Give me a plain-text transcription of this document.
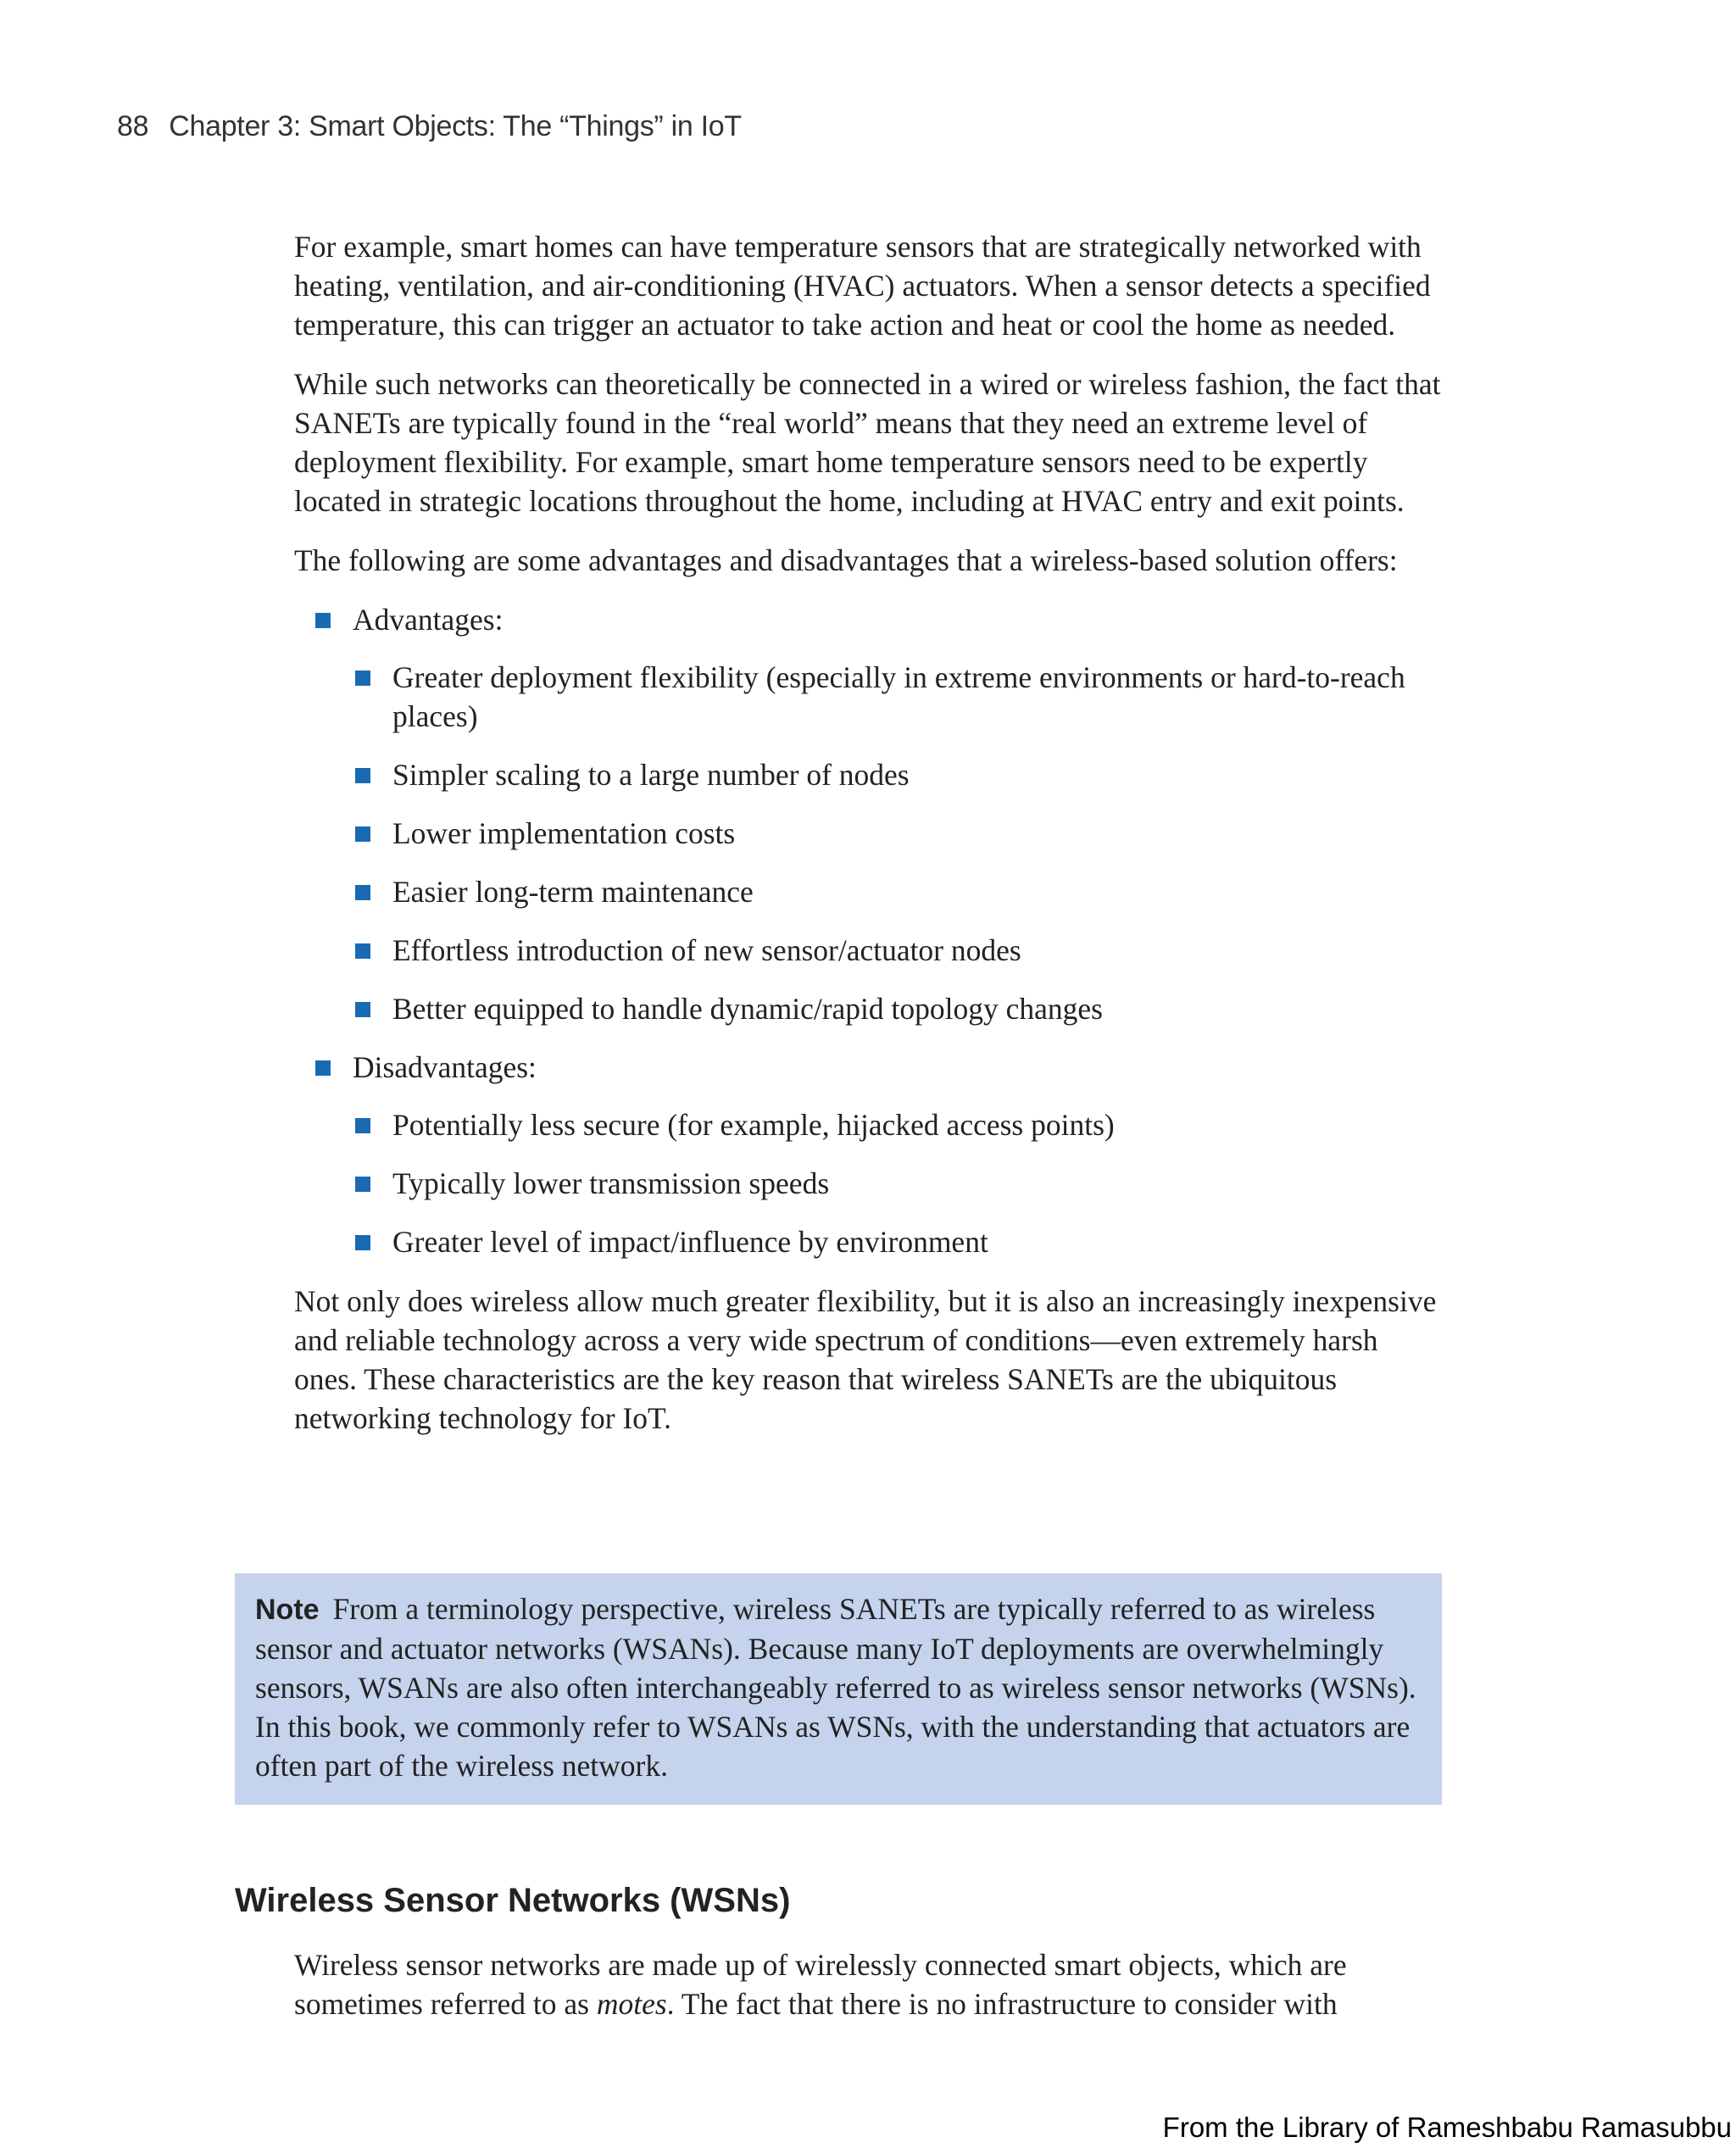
88 Chapter 3: Smart Objects: The “Things” in IoT

For example, smart homes can have temperature sensors that are strategically networked with heating, ventilation, and air-conditioning (HVAC) actuators. When a sensor detects a specified temperature, this can trigger an actuator to take action and heat or cool the home as needed.

While such networks can theoretically be connected in a wired or wireless fashion, the fact that SANETs are typically found in the “real world” means that they need an extreme level of deployment flexibility. For example, smart home temperature sensors need to be expertly located in strategic locations throughout the home, including at HVAC entry and exit points.

The following are some advantages and disadvantages that a wireless-based solution offers:

Advantages:
Greater deployment flexibility (especially in extreme environments or hard-to-reach places)
Simpler scaling to a large number of nodes
Lower implementation costs
Easier long-term maintenance
Effortless introduction of new sensor/actuator nodes
Better equipped to handle dynamic/rapid topology changes
Disadvantages:
Potentially less secure (for example, hijacked access points)
Typically lower transmission speeds
Greater level of impact/influence by environment

Not only does wireless allow much greater flexibility, but it is also an increasingly inexpensive and reliable technology across a very wide spectrum of conditions—even extremely harsh ones. These characteristics are the key reason that wireless SANETs are the ubiquitous networking technology for IoT.

Note From a terminology perspective, wireless SANETs are typically referred to as wireless sensor and actuator networks (WSANs). Because many IoT deployments are overwhelmingly sensors, WSANs are also often interchangeably referred to as wireless sensor networks (WSNs). In this book, we commonly refer to WSANs as WSNs, with the understanding that actuators are often part of the wireless network.
Wireless Sensor Networks (WSNs)

Wireless sensor networks are made up of wirelessly connected smart objects, which are sometimes referred to as motes. The fact that there is no infrastructure to consider with

From the Library of Rameshbabu Ramasubbu
